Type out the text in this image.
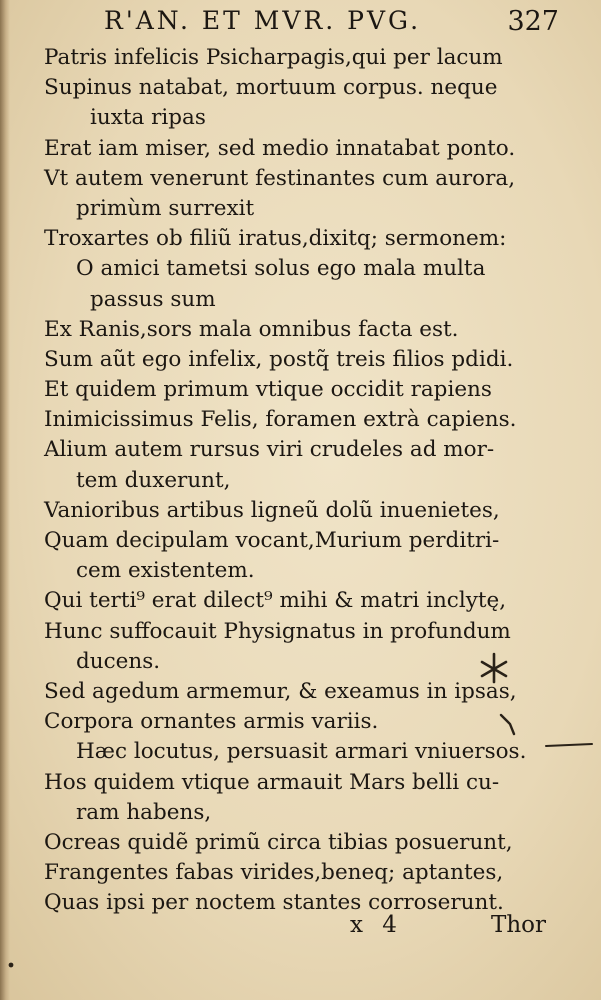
R'AN. ET MVR. PVG.	327
Patris infelicis Psicharpagis,qui per lacum
Supinus natabat, mortuum corpus. neque
iuxta ripas
Erat iam miser, sed medio innatabat ponto.
Vt autem venerunt festinantes cum aurora,
primùm surrexit
Troxartes ob filiũ iratus,dixitq; sermonem:
O amici tametsi solus ego mala multa
passus sum
Ex Ranis,sors mala omnibus facta est.
Sum aũt ego infelix, postq̃ treis filios pdidi.
Et quidem primum vtique occidit rapiens
Inimicissimus Felis, foramen extrà capiens.
Alium autem rursus viri crudeles ad mor-
tem duxerunt,
Vanioribus artibus ligneũ dolũ inuenietes,
Quam decipulam vocant,Murium perditri-
cem existentem.
Qui terti⁹ erat dilect⁹ mihi & matri inclytę,
Hunc suffocauit Physignatus in profundum
ducens.
Sed agedum armemur, & exeamus in ipsas,
Corpora ornantes armis variis.
Hæc locutus, persuasit armari vniuersos.
Hos quidem vtique armauit Mars belli cu-
ram habens,
Ocreas quidẽ primũ circa tibias posuerunt,
Frangentes fabas virides,beneq; aptantes,
Quas ipsi per noctem stantes corroserunt.
x 4	Thor
